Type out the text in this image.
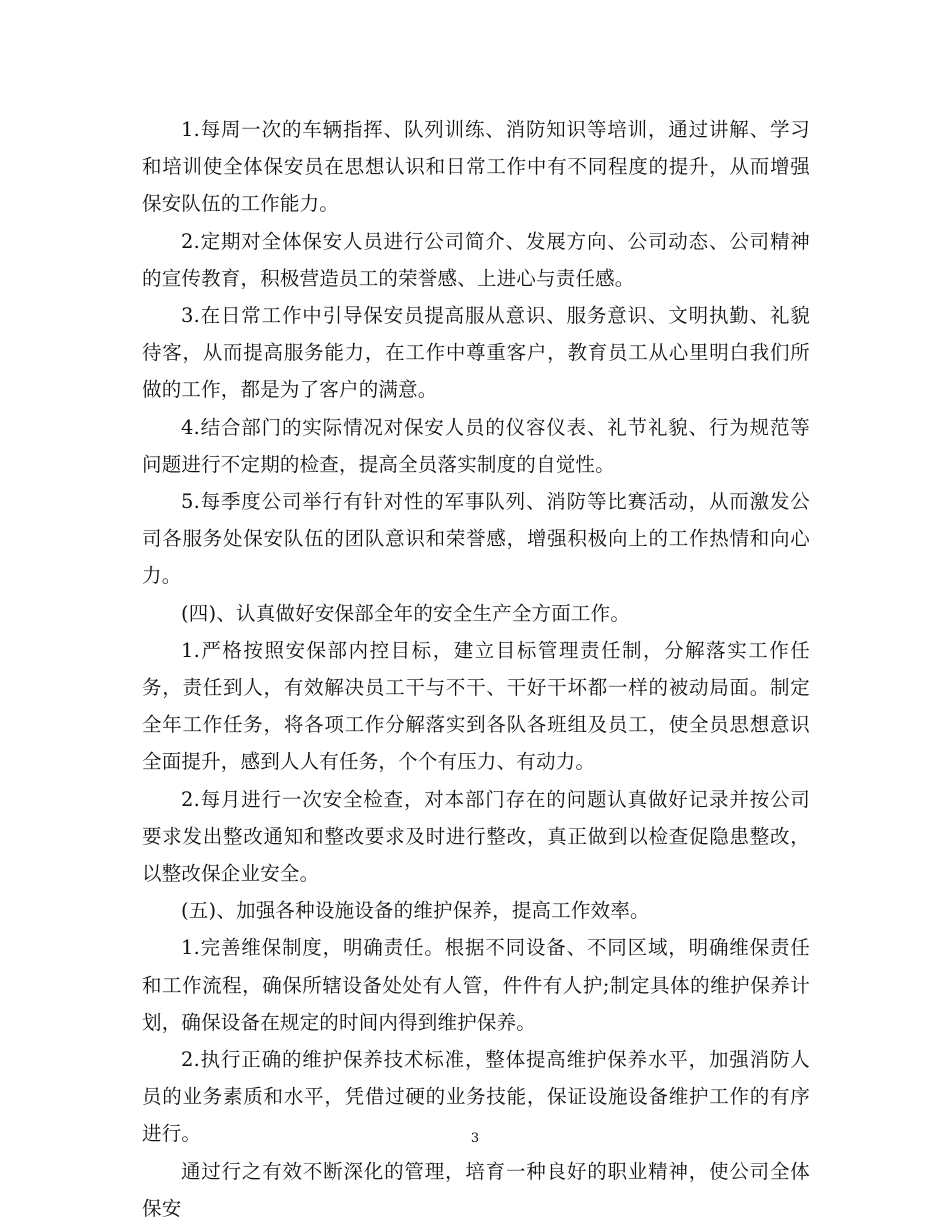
1.每周一次的车辆指挥、队列训练、消防知识等培训，通过讲解、学习和培训使全体保安员在思想认识和日常工作中有不同程度的提升，从而增强保安队伍的工作能力。

2.定期对全体保安人员进行公司简介、发展方向、公司动态、公司精神的宣传教育，积极营造员工的荣誉感、上进心与责任感。

3.在日常工作中引导保安员提高服从意识、服务意识、文明执勤、礼貌待客，从而提高服务能力，在工作中尊重客户，教育员工从心里明白我们所做的工作，都是为了客户的满意。

4.结合部门的实际情况对保安人员的仪容仪表、礼节礼貌、行为规范等问题进行不定期的检查，提高全员落实制度的自觉性。

5.每季度公司举行有针对性的军事队列、消防等比赛活动，从而激发公司各服务处保安队伍的团队意识和荣誉感，增强积极向上的工作热情和向心力。

(四)、认真做好安保部全年的安全生产全方面工作。

1.严格按照安保部内控目标，建立目标管理责任制，分解落实工作任务，责任到人，有效解决员工干与不干、干好干坏都一样的被动局面。制定全年工作任务，将各项工作分解落实到各队各班组及员工，使全员思想意识全面提升，感到人人有任务，个个有压力、有动力。

2.每月进行一次安全检查，对本部门存在的问题认真做好记录并按公司要求发出整改通知和整改要求及时进行整改，真正做到以检查促隐患整改，以整改保企业安全。

(五)、加强各种设施设备的维护保养，提高工作效率。

1.完善维保制度，明确责任。根据不同设备、不同区域，明确维保责任和工作流程，确保所辖设备处处有人管，件件有人护;制定具体的维护保养计划，确保设备在规定的时间内得到维护保养。

2.执行正确的维护保养技术标准，整体提高维护保养水平，加强消防人员的业务素质和水平，凭借过硬的业务技能，保证设施设备维护工作的有序进行。

通过行之有效不断深化的管理，培育一种良好的职业精神，使公司全体保安

3
